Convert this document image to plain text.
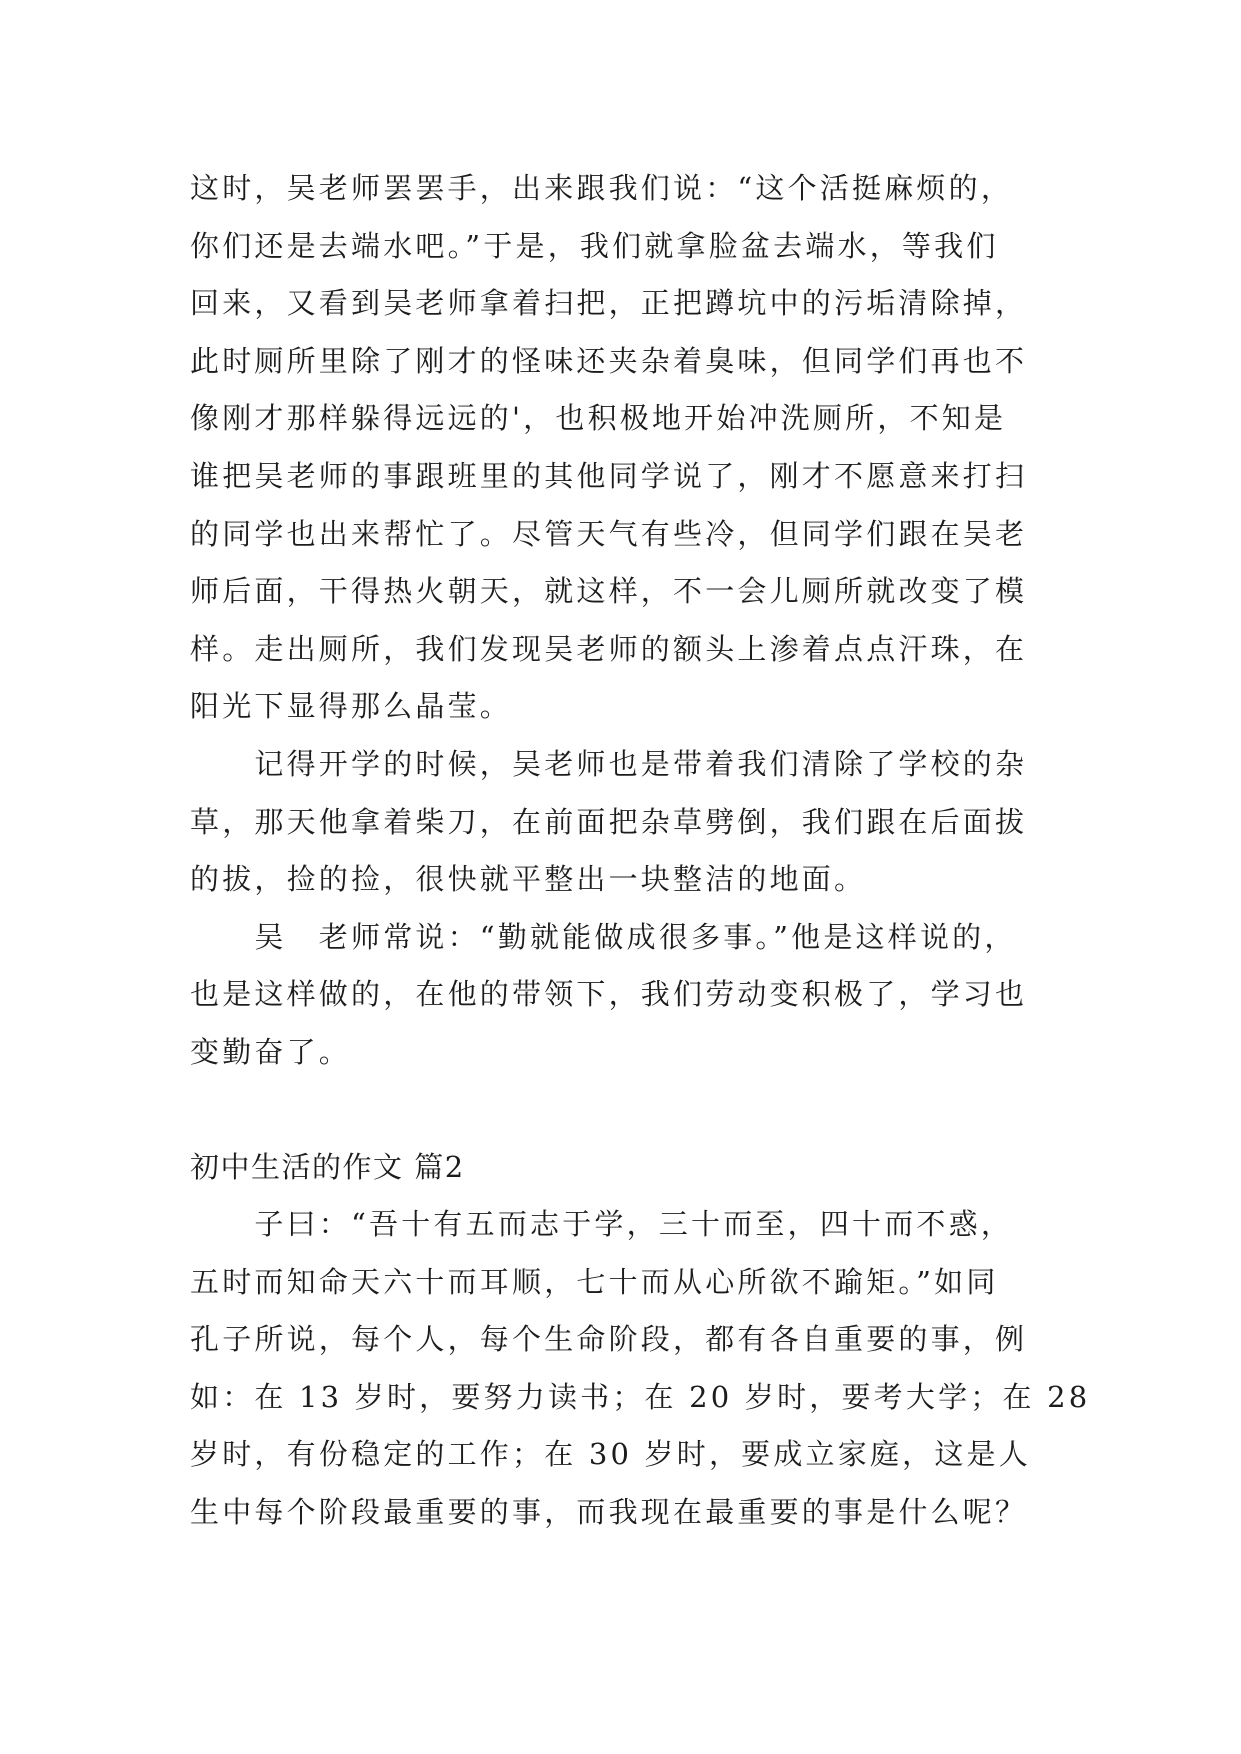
这时，吴老师罢罢手，出来跟我们说：“这个活挺麻烦的，
你们还是去端水吧。”于是，我们就拿脸盆去端水，等我们
回来，又看到吴老师拿着扫把，正把蹲坑中的污垢清除掉，
此时厕所里除了刚才的怪味还夹杂着臭味，但同学们再也不
像刚才那样躲得远远的'，也积极地开始冲洗厕所，不知是
谁把吴老师的事跟班里的其他同学说了，刚才不愿意来打扫
的同学也出来帮忙了。尽管天气有些冷，但同学们跟在吴老
师后面，干得热火朝天，就这样，不一会儿厕所就改变了模
样。走出厕所，我们发现吴老师的额头上渗着点点汗珠，在
阳光下显得那么晶莹。
　　记得开学的时候，吴老师也是带着我们清除了学校的杂
草，那天他拿着柴刀，在前面把杂草劈倒，我们跟在后面拔
的拔，捡的捡，很快就平整出一块整洁的地面。
　　吴　老师常说：“勤就能做成很多事。”他是这样说的，
也是这样做的，在他的带领下，我们劳动变积极了，学习也
变勤奋了。
初中生活的作文 篇2
　　子曰：“吾十有五而志于学，三十而至，四十而不惑，
五时而知命天六十而耳顺，七十而从心所欲不踰矩。”如同
孔子所说，每个人，每个生命阶段，都有各自重要的事，例
如：在 13 岁时，要努力读书；在 20 岁时，要考大学；在 28
岁时，有份稳定的工作；在 30 岁时，要成立家庭，这是人
生中每个阶段最重要的事，而我现在最重要的事是什么呢？
